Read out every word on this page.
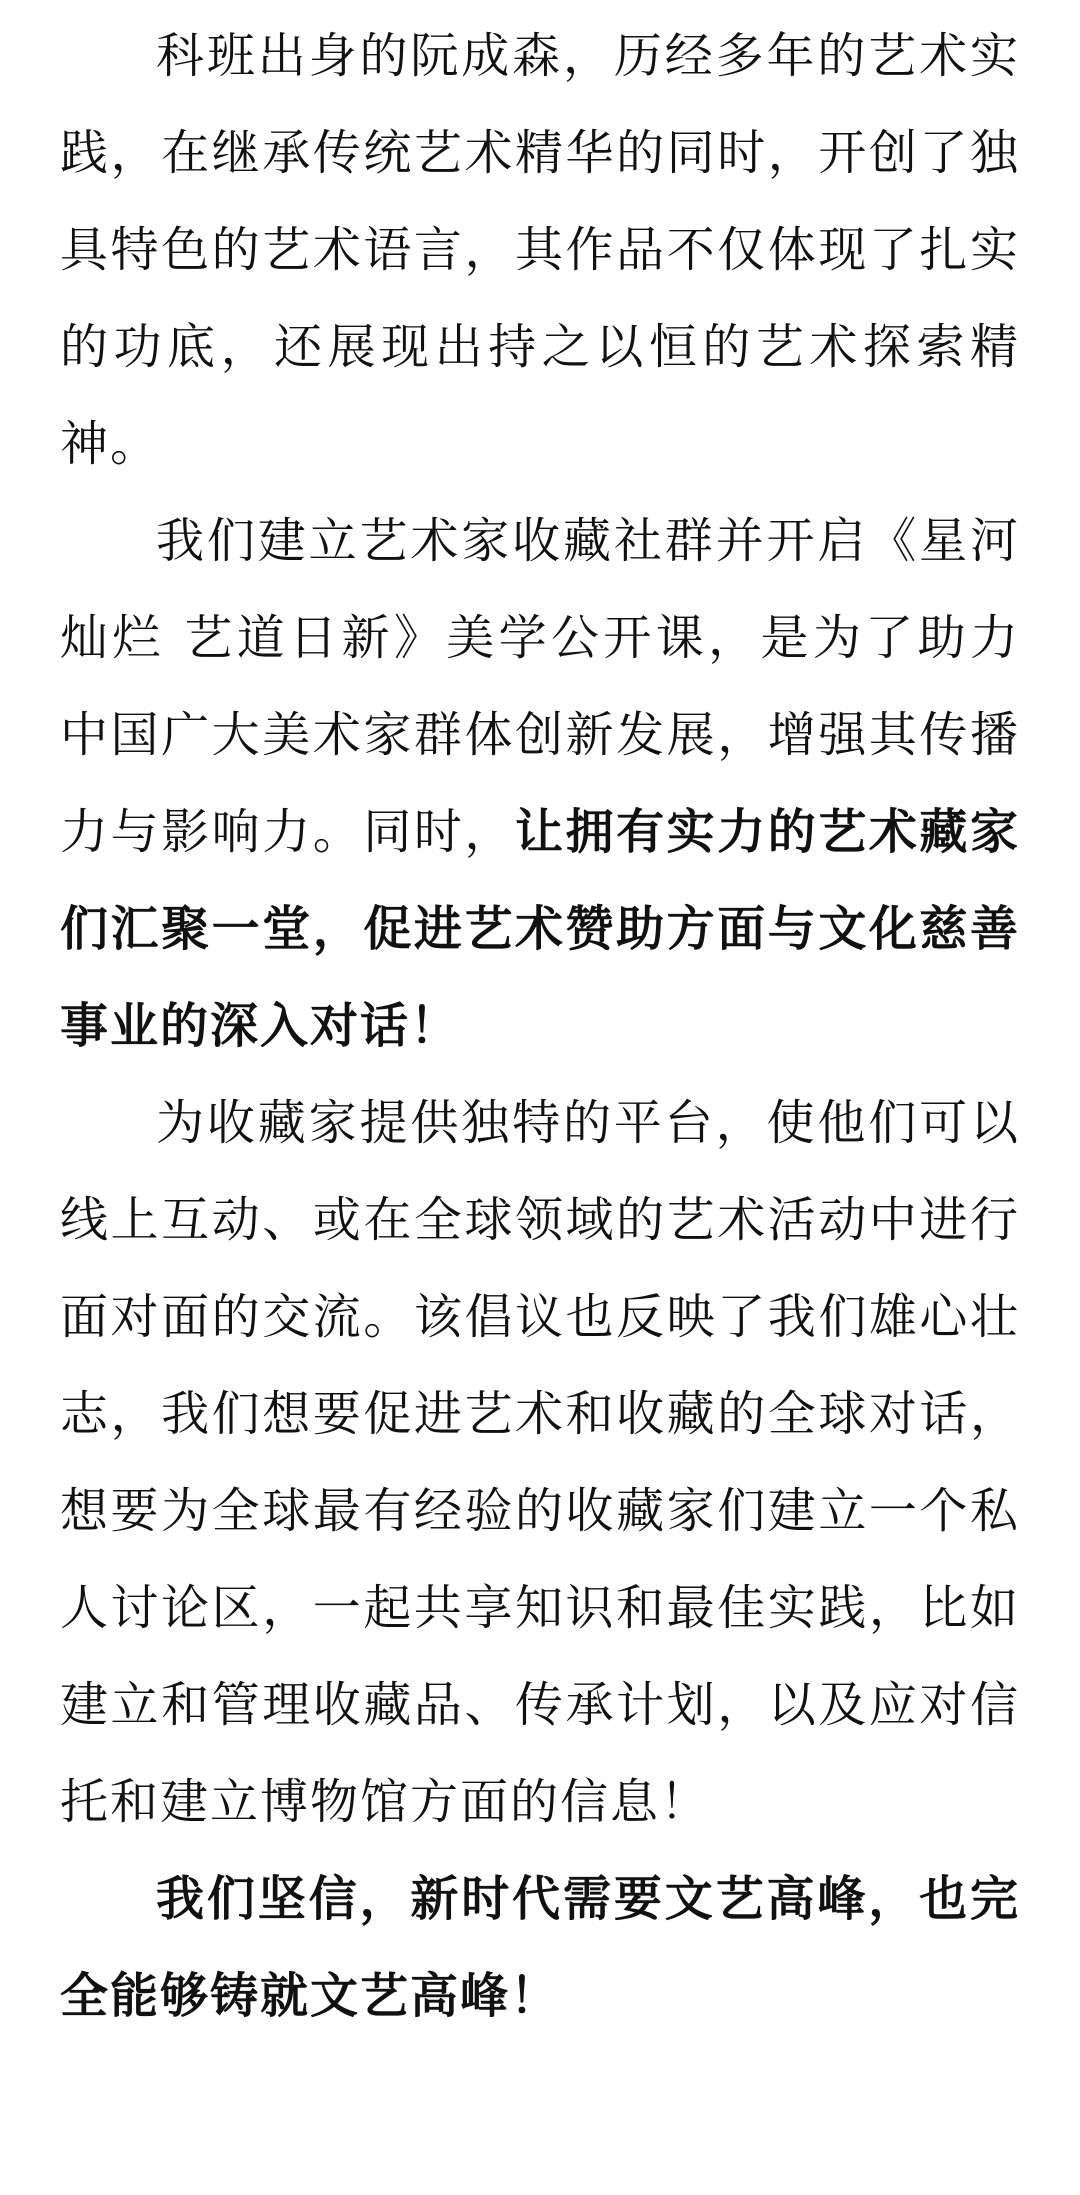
科班出身的阮成森，历经多年的艺术实践，在继承传统艺术精华的同时，开创了独具特色的艺术语言，其作品不仅体现了扎实的功底，还展现出持之以恒的艺术探索精神。

我们建立艺术家收藏社群并开启《星河灿烂 艺道日新》美学公开课，是为了助力中国广大美术家群体创新发展，增强其传播力与影响力。同时，让拥有实力的艺术藏家们汇聚一堂，促进艺术赞助方面与文化慈善事业的深入对话！

为收藏家提供独特的平台，使他们可以线上互动、或在全球领域的艺术活动中进行面对面的交流。该倡议也反映了我们雄心壮志，我们想要促进艺术和收藏的全球对话，想要为全球最有经验的收藏家们建立一个私人讨论区，一起共享知识和最佳实践，比如建立和管理收藏品、传承计划，以及应对信托和建立博物馆方面的信息！

我们坚信，新时代需要文艺高峰，也完全能够铸就文艺高峰！
